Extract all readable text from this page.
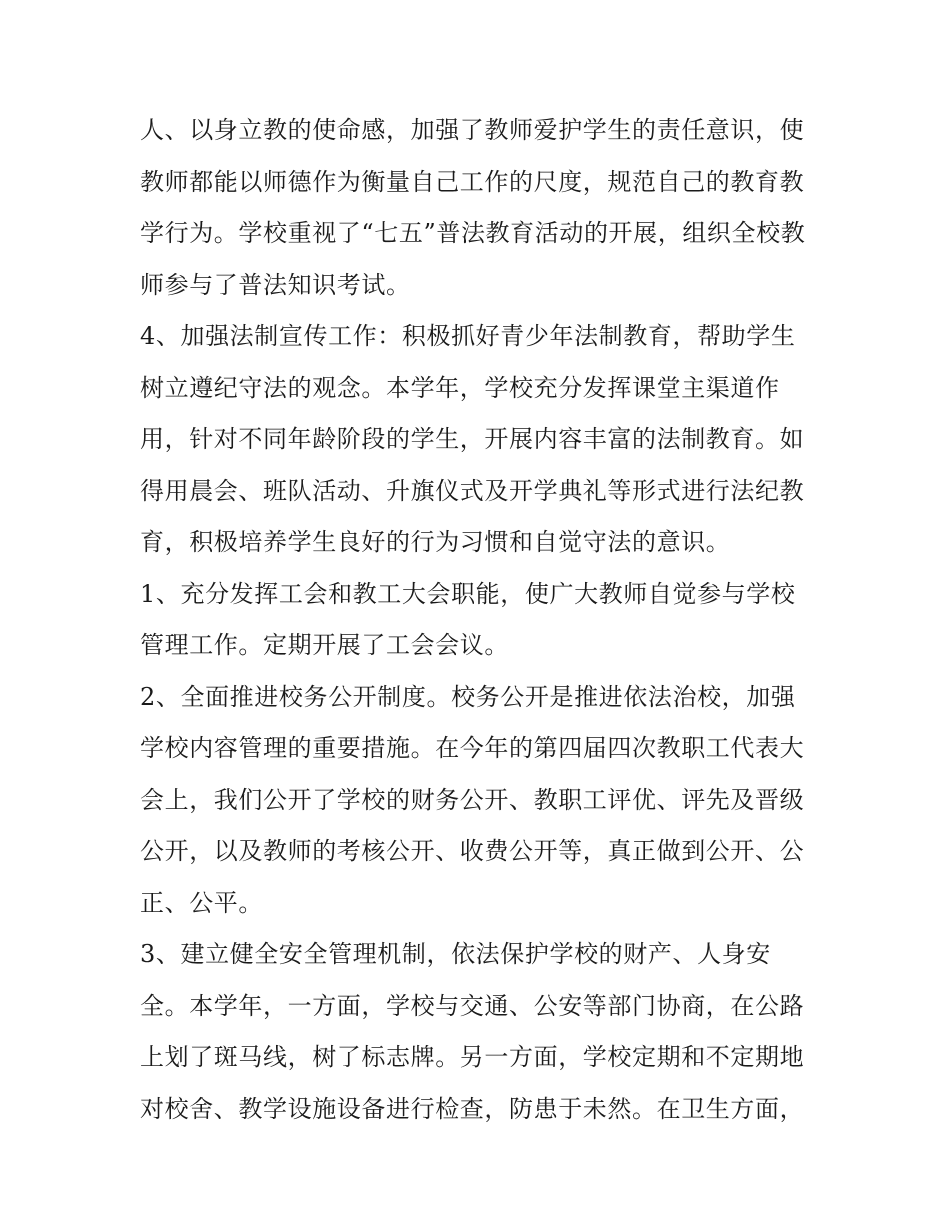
人、以身立教的使命感，加强了教师爱护学生的责任意识，使
教师都能以师德作为衡量自己工作的尺度，规范自己的教育教
学行为。学校重视了“七五”普法教育活动的开展，组织全校教
师参与了普法知识考试。
4、加强法制宣传工作：积极抓好青少年法制教育，帮助学生
树立遵纪守法的观念。本学年，学校充分发挥课堂主渠道作
用，针对不同年龄阶段的学生，开展内容丰富的法制教育。如
得用晨会、班队活动、升旗仪式及开学典礼等形式进行法纪教
育，积极培养学生良好的行为习惯和自觉守法的意识。
1、充分发挥工会和教工大会职能，使广大教师自觉参与学校
管理工作。定期开展了工会会议。
2、全面推进校务公开制度。校务公开是推进依法治校，加强
学校内容管理的重要措施。在今年的第四届四次教职工代表大
会上，我们公开了学校的财务公开、教职工评优、评先及晋级
公开，以及教师的考核公开、收费公开等，真正做到公开、公
正、公平。
3、建立健全安全管理机制，依法保护学校的财产、人身安
全。本学年，一方面，学校与交通、公安等部门协商，在公路
上划了斑马线，树了标志牌。另一方面，学校定期和不定期地
对校舍、教学设施设备进行检查，防患于未然。在卫生方面，
